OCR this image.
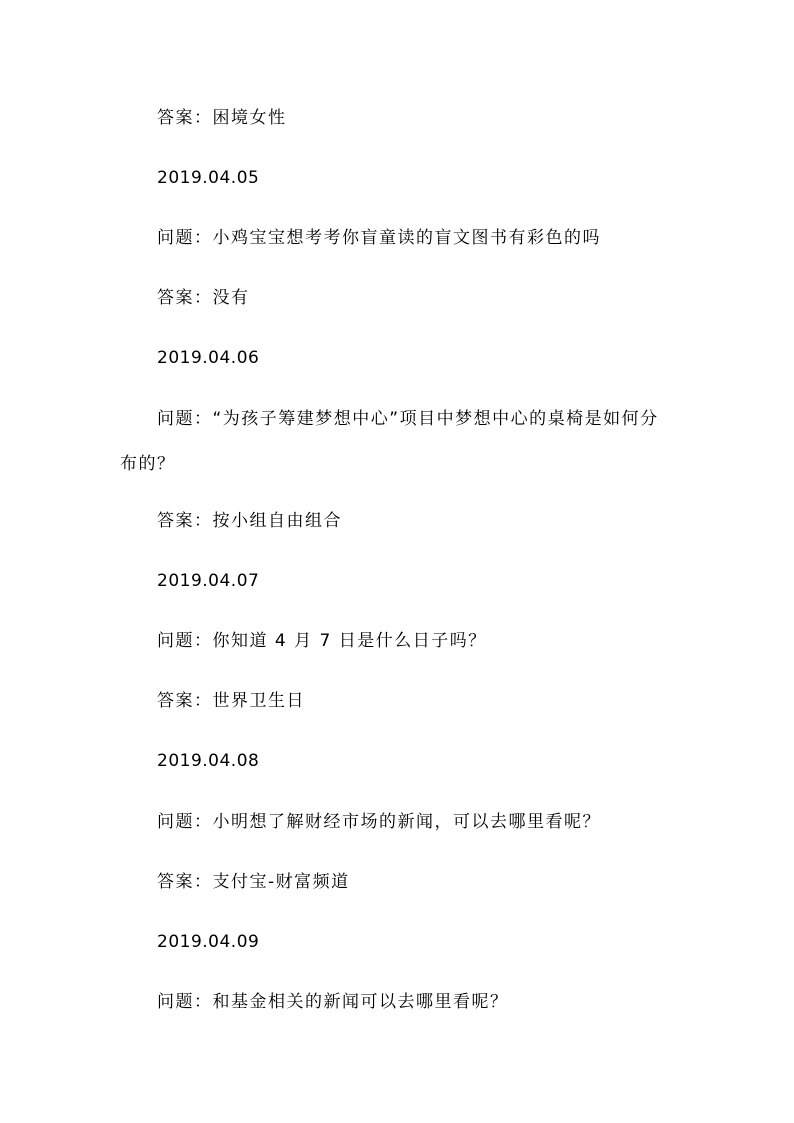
答案：困境女性
2019.04.05
问题：小鸡宝宝想考考你盲童读的盲文图书有彩色的吗
答案：没有
2019.04.06
问题：“为孩子筹建梦想中心”项目中梦想中心的桌椅是如何分
布的？
答案：按小组自由组合
2019.04.07
问题：你知道 4 月 7 日是什么日子吗？
答案：世界卫生日
2019.04.08
问题：小明想了解财经市场的新闻，可以去哪里看呢？
答案：支付宝-财富频道
2019.04.09
问题：和基金相关的新闻可以去哪里看呢？
